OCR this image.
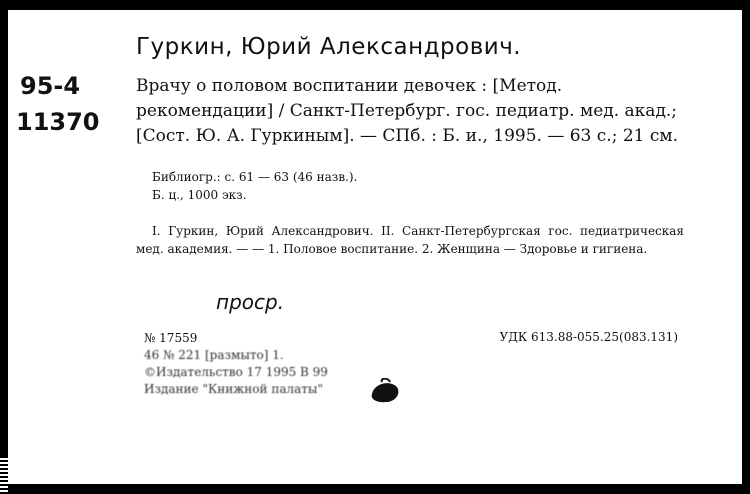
Гуркин, Юрий Александрович.
95-4
11370
Врачу о половом воспитании девочек : [Метод. рекомендации] / Санкт-Петербург. гос. педиатр. мед. акад.; [Сост. Ю. А. Гуркиным]. — СПб. : Б. и., 1995. — 63 с.; 21 см.
Библиогр.: с. 61 — 63 (46 назв.).
Б. ц., 1000 экз.
I. Гуркин, Юрий Александрович. II. Санкт-Петербургская гос. педиатрическая мед. академия. — — 1. Половое воспитание. 2. Женщина — Здоровье и гигиена.
проср.
№ 17559
46 № 221 [размыто] 1.
©Издательство 17 1995 В 99
Издание "Книжной палаты"
УДК 613.88-055.25(083.131)
